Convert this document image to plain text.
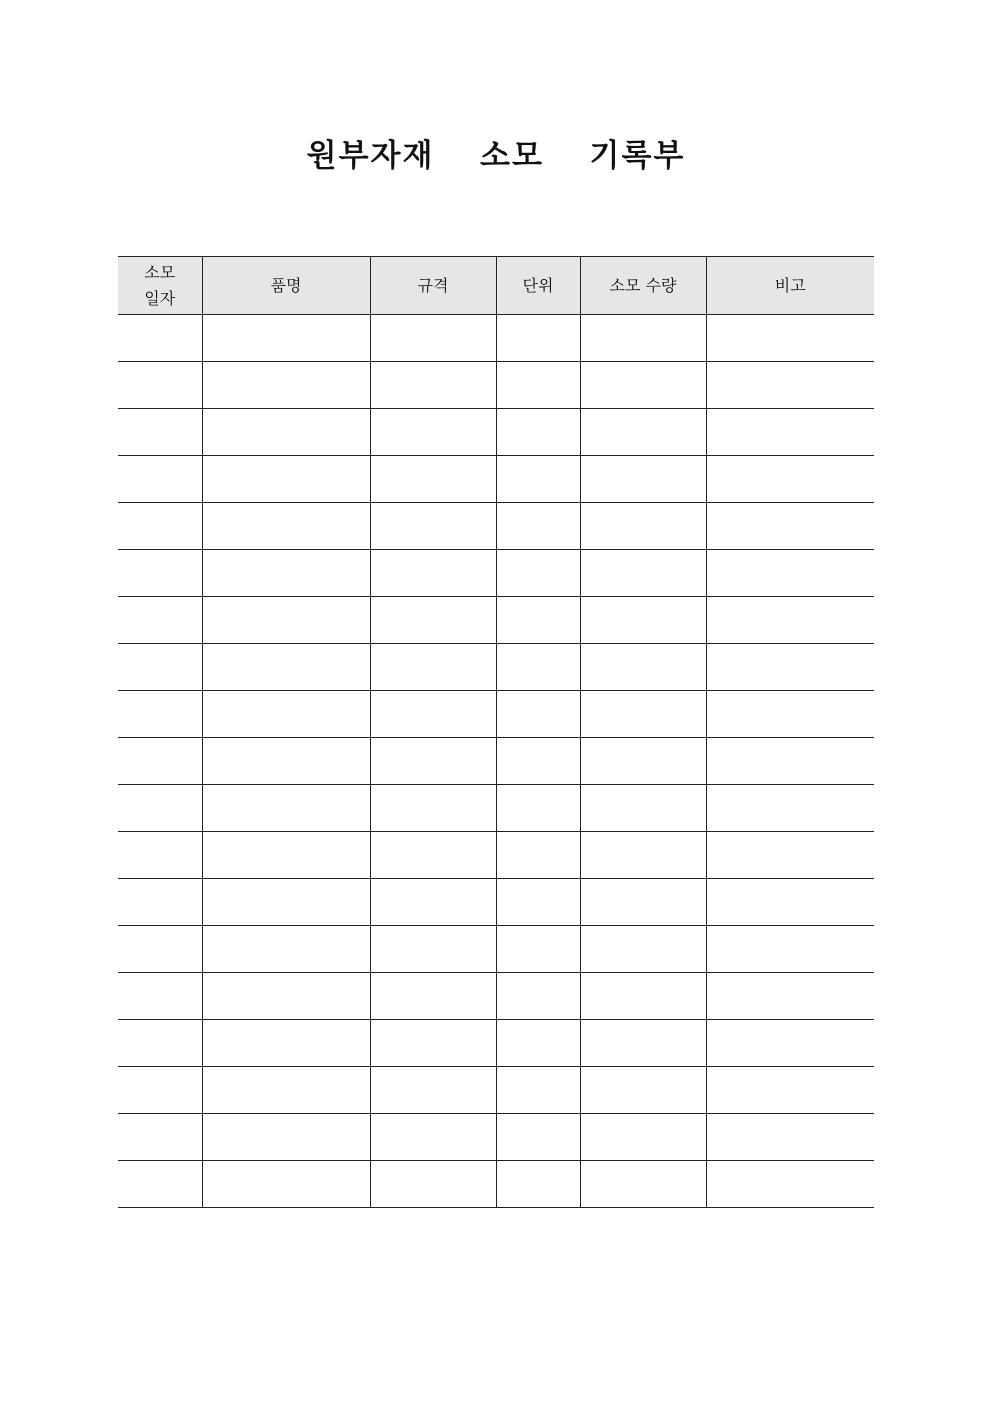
원부자재  소모  기록부
소모
일자	품명	규격	단위	소모 수량	비고
